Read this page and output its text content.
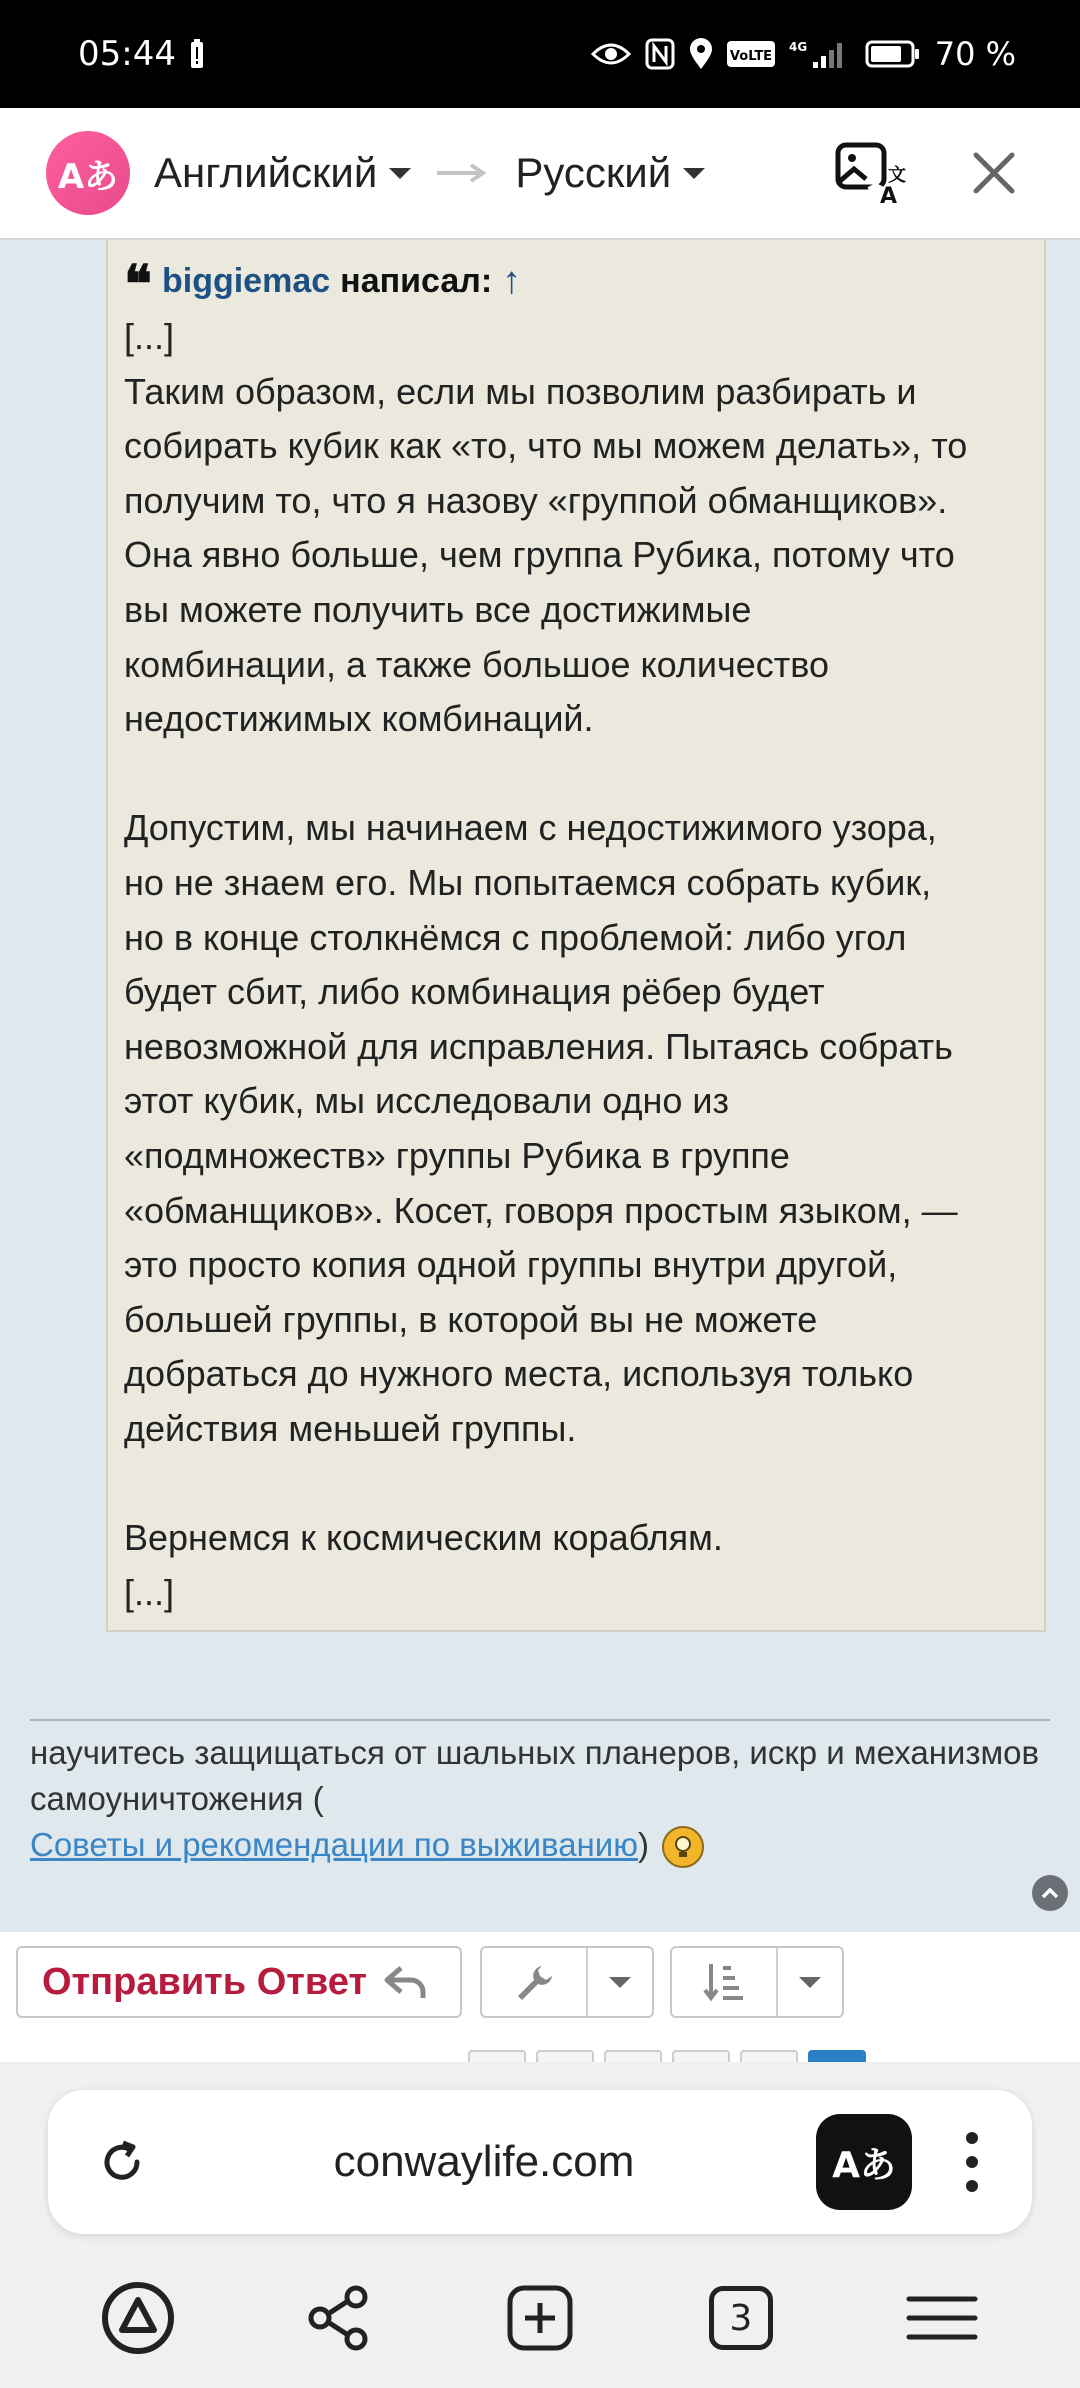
05:44	VoLTE
4G	70 %
Aあ Английский	Русский
A
文
❝ biggiemac написал: ↑
[...]
Таким образом, если мы позволим разбирать и
собирать кубик как «то, что мы можем делать», то
получим то, что я назову «группой обманщиков».
Она явно больше, чем группа Рубика, потому что
вы можете получить все достижимые
комбинации, а также большое количество
недостижимых комбинаций.
Допустим, мы начинаем с недостижимого узора,
но не знаем его. Мы попытаемся собрать кубик,
но в конце столкнёмся с проблемой: либо угол
будет сбит, либо комбинация рёбер будет
невозможной для исправления. Пытаясь собрать
этот кубик, мы исследовали одно из
«подмножеств» группы Рубика в группе
«обманщиков». Косет, говоря простым языком, —
это просто копия одной группы внутри другой,
большей группы, в которой вы не можете
добраться до нужного места, используя только
действия меньшей группы.
Вернемся к космическим кораблям.
[...]
научитесь защищаться от шальных планеров, искр и механизмов самоуничтожения (
Советы и рекомендации по выживанию)
Отправить Ответ
conwaylife.com	Aあ
3
